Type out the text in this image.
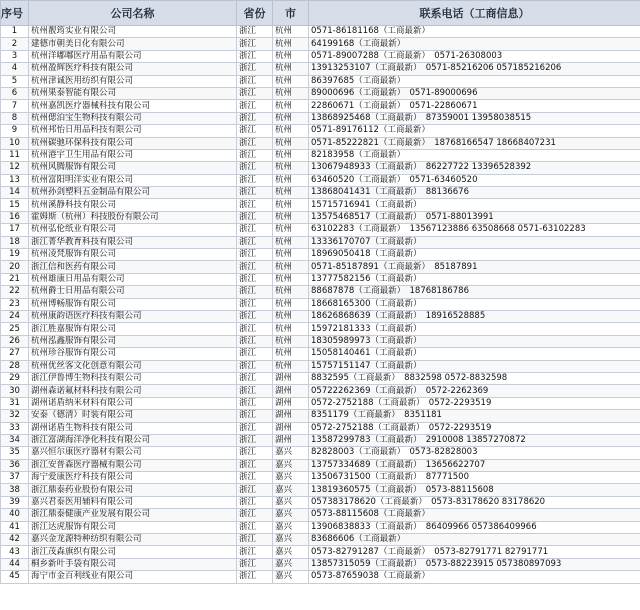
序号	公司名称	省份	市	联系电话（工商信息）
1	杭州靓筠实业有限公司	浙江	杭州	0571-86181168（工商最新）
2	建德市朝美日化有限公司	浙江	杭州	64199168（工商最新）
3	杭州洋嘟嘟医疗用品有限公司	浙江	杭州	0571-89007288（工商最新）　0571-26308003
4	杭州盈辉医疗科技有限公司	浙江	杭州	13913253107（工商最新）　0571-85216206 057185216206
5	杭州津诚医用纺织有限公司	浙江	杭州	86397685（工商最新）
6	杭州果泰智能有限公司	浙江	杭州	89000696（工商最新）　0571-89000696
7	杭州嘉凯医疗器械科技有限公司	浙江	杭州	22860671（工商最新）　0571-22860671
8	杭州偲泊宝生物科技有限公司	浙江	杭州	13868925468（工商最新）　87359001 13958038515
9	杭州邦怡日用品科技有限公司	浙江	杭州	0571-89176112（工商最新）
10	杭州碳驰环保科技有限公司	浙江	杭州	0571-85222821（工商最新）　18768166547 18668407231
11	杭州港宇卫生用品有限公司	浙江	杭州	82183958（工商最新）
12	杭州风腾服饰有限公司	浙江	杭州	13067948933（工商最新）　86227722 13396528392
13	杭州富阳明洋实业有限公司	浙江	杭州	63460520（工商最新）　0571-63460520
14	杭州孙剑塑料五金制品有限公司	浙江	杭州	13868041431（工商最新）　88136676
15	杭州溪静科技有限公司	浙江	杭州	15715716941（工商最新）
16	霍姆斯（杭州）科技股份有限公司	浙江	杭州	13575468517（工商最新）　0571-88013991
17	杭州弘伦纸业有限公司	浙江	杭州	63102283（工商最新）　13567123886 63508668 0571-63102283
18	浙江菁华教育科技有限公司	浙江	杭州	13336170707（工商最新）
19	杭州凌梵服饰有限公司	浙江	杭州	18969050418（工商最新）
20	浙江信和医药有限公司	浙江	杭州	0571-85187891（工商最新）　85187891
21	杭州雄康日用品有限公司	浙江	杭州	13777582156（工商最新）
22	杭州爵士日用品有限公司	浙江	杭州	88687878（工商最新）　18768186786
23	杭州博畅服饰有限公司	浙江	杭州	18668165300（工商最新）
24	杭州康韵语医疗科技有限公司	浙江	杭州	18626868639（工商最新）　18916528885
25	浙江胜嘉服饰有限公司	浙江	杭州	15972181333（工商最新）
26	杭州泓鑫服饰有限公司	浙江	杭州	18305989973（工商最新）
27	杭州珍谷服饰有限公司	浙江	杭州	15058140461（工商最新）
28	杭州优丝客文化创意有限公司	浙江	杭州	15757151147（工商最新）
29	浙江伊鲁博生物科技有限公司	浙江	湖州	8832595（工商最新）　8832598 0572-8832598
30	湖州森诺氟材料科技有限公司	浙江	湖州	05722262369（工商最新）　0572-2262369
31	湖州诺盾纳米材料有限公司	浙江	湖州	0572-2752188（工商最新）　0572-2293519
32	安泰（德清）时装有限公司	浙江	湖州	8351179（工商最新）　8351181
33	湖州诺盾生物科技有限公司	浙江	湖州	0572-2752188（工商最新）　0572-2293519
34	浙江富湖海洋净化科技有限公司	浙江	湖州	13587299783（工商最新）　2910008 13857270872
35	嘉兴恒尔康医疗器材有限公司	浙江	嘉兴	82828003（工商最新）　0573-82828003
36	浙江安普森医疗器械有限公司	浙江	嘉兴	13757334689（工商最新）　13656622707
37	海宁爱康医疗科技有限公司	浙江	嘉兴	13506731500（工商最新）　87771500
38	浙江鼎泰药业股份有限公司	浙江	嘉兴	13819360575（工商最新）　0573-88115608
39	嘉兴君泰医用辅料有限公司	浙江	嘉兴	057383178620（工商最新）　0573-83178620 83178620
40	浙江鼎泰健康产业发展有限公司	浙江	嘉兴	0573-88115608（工商最新）
41	浙江达虎服饰有限公司	浙江	嘉兴	13906838833（工商最新）　86409966 057386409966
42	嘉兴金龙源特种纺织有限公司	浙江	嘉兴	83686606（工商最新）
43	浙江茂森旗织有限公司	浙江	嘉兴	0573-82791287（工商最新）　0573-82791771 82791771
44	桐乡新叶手袋有限公司	浙江	嘉兴	13857315059（工商最新）　0573-88223915 057380897093
45	海宁市金百利线业有限公司	浙江	嘉兴	0573-87659038（工商最新）
